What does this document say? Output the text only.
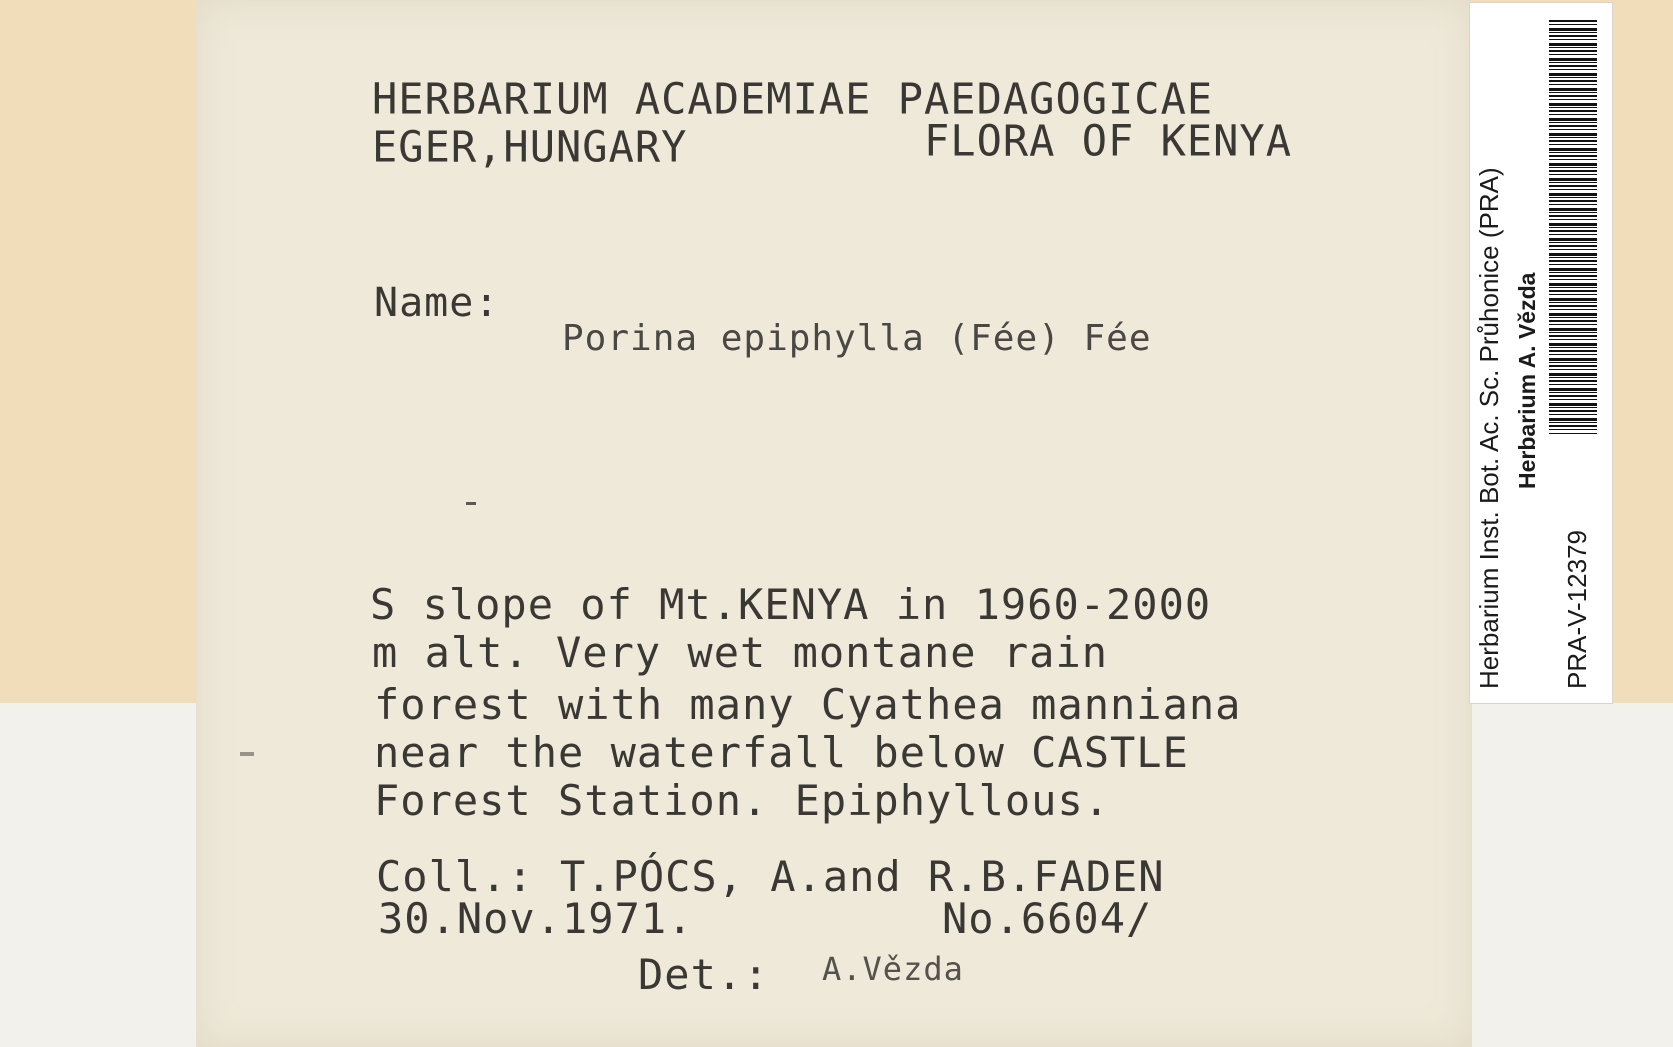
HERBARIUM ACADEMIAE PAEDAGOGICAE
EGER,HUNGARY	FLORA OF KENYA
Name:
Porina epiphylla (Fée) Fée
S slope of Mt.KENYA in 1960-2000
m alt. Very wet montane rain
forest with many Cyathea manniana
near the waterfall below CASTLE
Forest Station. Epiphyllous.
Coll.: T.PÓCS, A.and R.B.FADEN
30.Nov.1971.	No.6604/
Det.: A.Vězda
Herbarium Inst. Bot. Ac. Sc. Průhonice (PRA) Herbarium A. Vězda
PRA-V-12379
